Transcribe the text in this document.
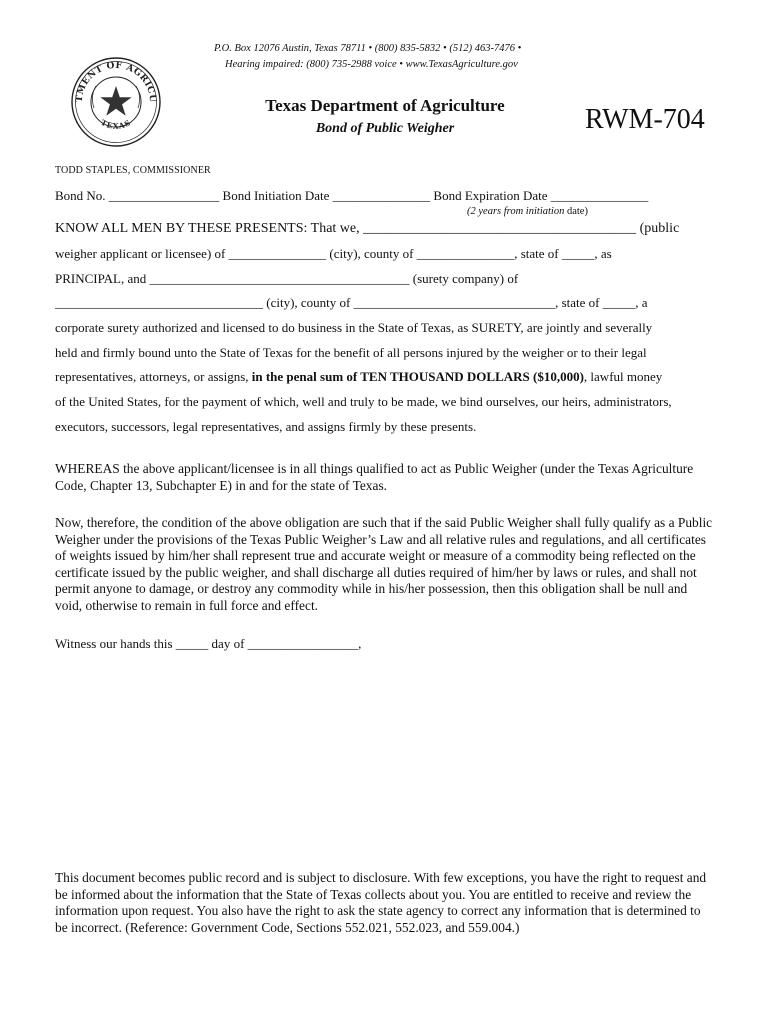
P.O. Box 12076 Austin, Texas 78711 • (800) 835-5832 • (512) 463-7476 •
Hearing impaired: (800) 735-2988 voice • www.TexasAgriculture.gov
TMENT OF AGRICU
TEXAS
Texas Department of Agriculture
Bond of Public Weigher	RWM-704
TODD STAPLES, COMMISSIONER
Bond No. _________________ Bond Initiation Date _______________ Bond Expiration Date _______________
(2 years from initiation date)
KNOW ALL MEN BY THESE PRESENTS: That we, _______________________________________ (public
weigher applicant or licensee) of _______________ (city), county of _______________, state of _____, as
PRINCIPAL, and ________________________________________ (surety company) of
________________________________ (city), county of _______________________________, state of _____, a
corporate surety authorized and licensed to do business in the State of Texas, as SURETY, are jointly and severally
held and firmly bound unto the State of Texas for the benefit of all persons injured by the weigher or to their legal
representatives, attorneys, or assigns, in the penal sum of TEN THOUSAND DOLLARS ($10,000), lawful money
of the United States, for the payment of which, well and truly to be made, we bind ourselves, our heirs, administrators,
executors, successors, legal representatives, and assigns firmly by these presents.
WHEREAS the above applicant/licensee is in all things qualified to act as Public Weigher (under the Texas Agriculture Code, Chapter 13, Subchapter E) in and for the state of Texas.
Now, therefore, the condition of the above obligation are such that if the said Public Weigher shall fully qualify as a Public Weigher under the provisions of the Texas Public Weigher’s Law and all relative rules and regulations, and all certificates of weights issued by him/her shall represent true and accurate weight or measure of a commodity being reflected on the certificate issued by the public weigher, and shall discharge all duties required of him/her by laws or rules, and shall not permit anyone to damage, or destroy any commodity while in his/her possession, then this obligation shall be null and void, otherwise to remain in full force and effect.
Witness our hands this _____ day of _________________,
This document becomes public record and is subject to disclosure. With few exceptions, you have the right to request and be informed about the information that the State of Texas collects about you. You are entitled to receive and review the information upon request. You also have the right to ask the state agency to correct any information that is determined to be incorrect. (Reference: Government Code, Sections 552.021, 552.023, and 559.004.)
